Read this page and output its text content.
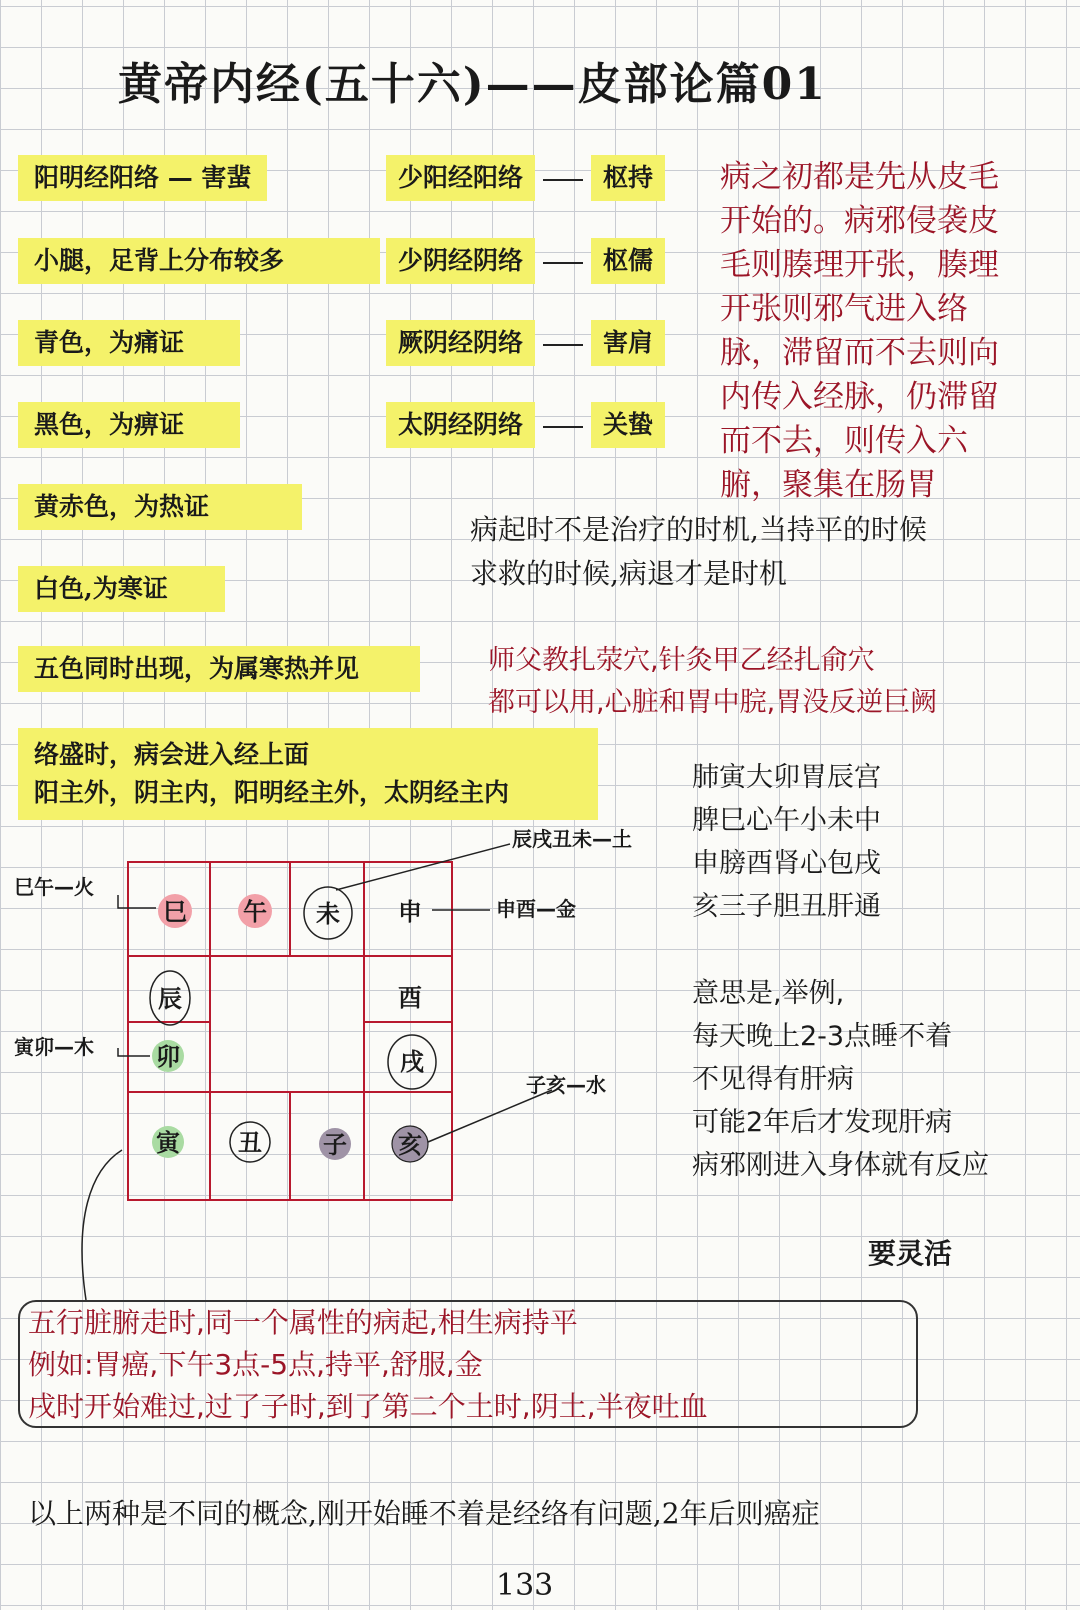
黄帝内经(五十六)——皮部论篇01
阳明经阳络 — 害蜚
小腿，足背上分布较多
青色，为痛证
黑色，为痹证
黄赤色，为热证
白色,为寒证
五色同时出现，为属寒热并见
络盛时，病会进入经上面
阳主外，阴主内，阳明经主外，太阴经主内
少阳经阳络	枢持
少阴经阴络	枢儒
厥阴经阴络	害肩
太阴经阴络	关蛰
病之初都是先从皮毛
开始的。病邪侵袭皮
毛则腠理开张，腠理
开张则邪气进入络
脉，滞留而不去则向
内传入经脉，仍滞留
而不去，则传入六
腑，聚集在肠胃
病起时不是治疗的时机,当持平的时候
求救的时候,病退才是时机
师父教扎荥穴,针灸甲乙经扎俞穴
都可以用,心脏和胃中脘,胃没反逆巨阙
肺寅大卯胃辰宫
脾巳心午小未中
申膀酉肾心包戌
亥三子胆丑肝通
意思是,举例,
每天晚上2-3点睡不着
不见得有肝病
可能2年后才发现肝病
病邪刚进入身体就有反应
要灵活
巳 午 未 申
辰	酉
卯	戌
寅 丑	子 亥
巳午—火
辰戌丑未—土
申酉—金
寅卯—木
子亥—水
五行脏腑走时,同一个属性的病起,相生病持平
例如:胃癌,下午3点-5点,持平,舒服,金
戌时开始难过,过了子时,到了第二个土时,阴土,半夜吐血
以上两种是不同的概念,刚开始睡不着是经络有问题,2年后则癌症
133
